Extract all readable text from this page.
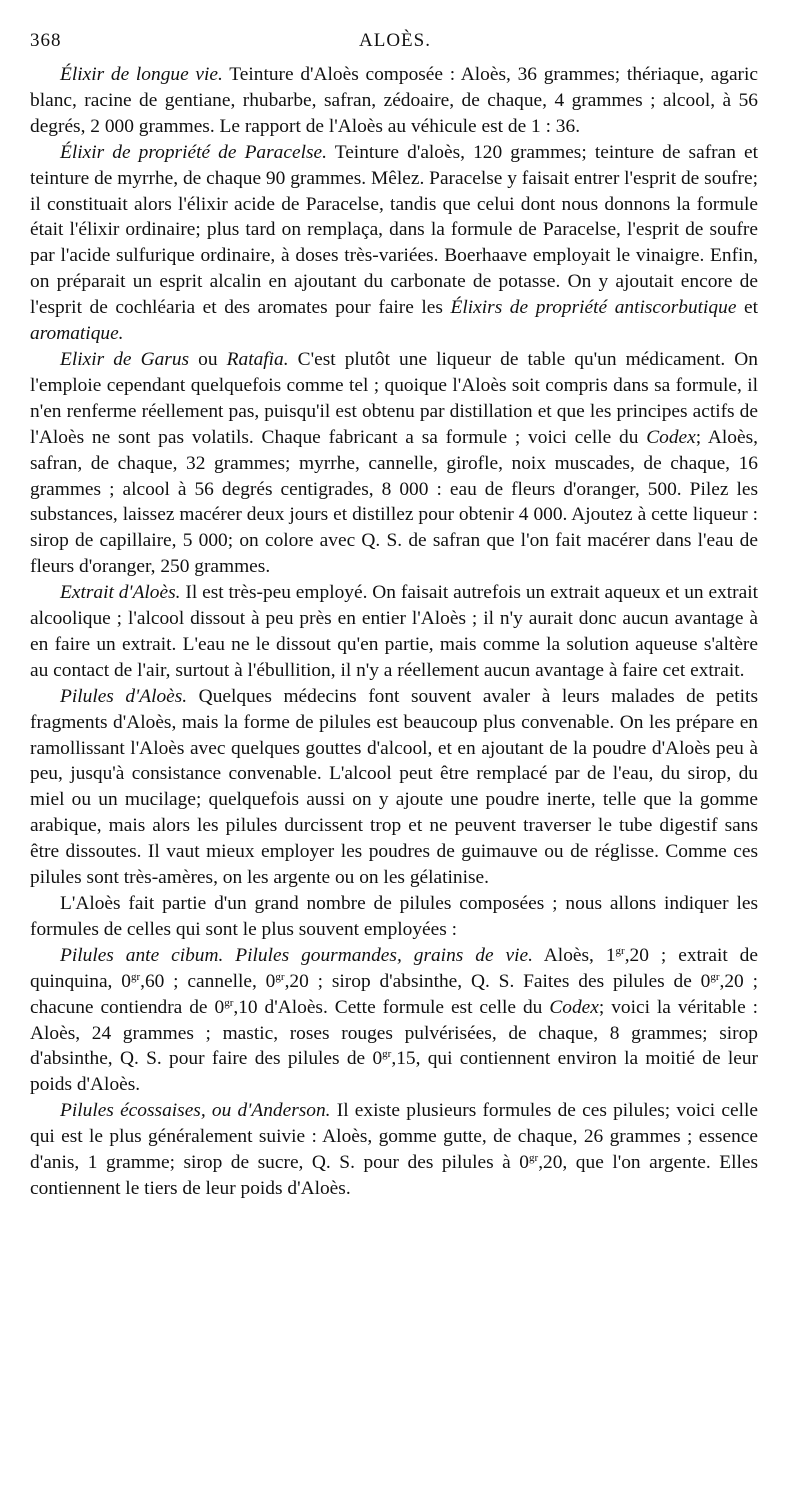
368	ALOÈS.

Élixir de longue vie. Teinture d'Aloès composée : Aloès, 36 grammes; thériaque, agaric blanc, racine de gentiane, rhubarbe, safran, zédoaire, de chaque, 4 grammes ; alcool, à 56 degrés, 2 000 grammes. Le rapport de l'Aloès au véhicule est de 1 : 36.

Élixir de propriété de Paracelse. Teinture d'aloès, 120 grammes; teinture de safran et teinture de myrrhe, de chaque 90 grammes. Mêlez. Paracelse y faisait entrer l'esprit de soufre; il constituait alors l'élixir acide de Paracelse, tandis que celui dont nous donnons la formule était l'élixir ordinaire; plus tard on remplaça, dans la formule de Paracelse, l'esprit de soufre par l'acide sulfurique ordinaire, à doses très-variées. Boerhaave employait le vinaigre. Enfin, on préparait un esprit alcalin en ajoutant du carbonate de potasse. On y ajoutait encore de l'esprit de cochléaria et des aromates pour faire les Élixirs de propriété antiscorbutique et aromatique.

Elixir de Garus ou Ratafia. C'est plutôt une liqueur de table qu'un médicament. On l'emploie cependant quelquefois comme tel ; quoique l'Aloès soit compris dans sa formule, il n'en renferme réellement pas, puisqu'il est obtenu par distillation et que les principes actifs de l'Aloès ne sont pas volatils. Chaque fabricant a sa formule ; voici celle du Codex; Aloès, safran, de chaque, 32 grammes; myrrhe, cannelle, girofle, noix muscades, de chaque, 16 grammes ; alcool à 56 degrés centigrades, 8 000 : eau de fleurs d'oranger, 500. Pilez les substances, laissez macérer deux jours et distillez pour obtenir 4 000. Ajoutez à cette liqueur : sirop de capillaire, 5 000; on colore avec Q. S. de safran que l'on fait macérer dans l'eau de fleurs d'oranger, 250 grammes.

Extrait d'Aloès. Il est très-peu employé. On faisait autrefois un extrait aqueux et un extrait alcoolique ; l'alcool dissout à peu près en entier l'Aloès ; il n'y aurait donc aucun avantage à en faire un extrait. L'eau ne le dissout qu'en partie, mais comme la solution aqueuse s'altère au contact de l'air, surtout à l'ébullition, il n'y a réellement aucun avantage à faire cet extrait.

Pilules d'Aloès. Quelques médecins font souvent avaler à leurs malades de petits fragments d'Aloès, mais la forme de pilules est beaucoup plus convenable. On les prépare en ramollissant l'Aloès avec quelques gouttes d'alcool, et en ajoutant de la poudre d'Aloès peu à peu, jusqu'à consistance convenable. L'alcool peut être remplacé par de l'eau, du sirop, du miel ou un mucilage; quelquefois aussi on y ajoute une poudre inerte, telle que la gomme arabique, mais alors les pilules durcissent trop et ne peuvent traverser le tube digestif sans être dissoutes. Il vaut mieux employer les poudres de guimauve ou de réglisse. Comme ces pilules sont très-amères, on les argente ou on les gélatinise.

L'Aloès fait partie d'un grand nombre de pilules composées ; nous allons indiquer les formules de celles qui sont le plus souvent employées :

Pilules ante cibum. Pilules gourmandes, grains de vie. Aloès, $1^{gr},20$ ; extrait de quinquina, $0^{gr},60$ ; cannelle, $0^{gr},20$ ; sirop d'absinthe, Q. S. Faites des pilules de $0^{gr},20$ ; chacune contiendra de $0^{gr},10$ d'Aloès. Cette formule est celle du Codex; voici la véritable : Aloès, 24 grammes ; mastic, roses rouges pulvérisées, de chaque, 8 grammes; sirop d'absinthe, Q. S. pour faire des pilules de $0^{gr},15$, qui contiennent environ la moitié de leur poids d'Aloès.

Pilules écossaises, ou d'Anderson. Il existe plusieurs formules de ces pilules; voici celle qui est le plus généralement suivie : Aloès, gomme gutte, de chaque, 26 grammes ; essence d'anis, 1 gramme; sirop de sucre, Q. S. pour des pilules à $0^{gr},20$, que l'on argente. Elles contiennent le tiers de leur poids d'Aloès.
